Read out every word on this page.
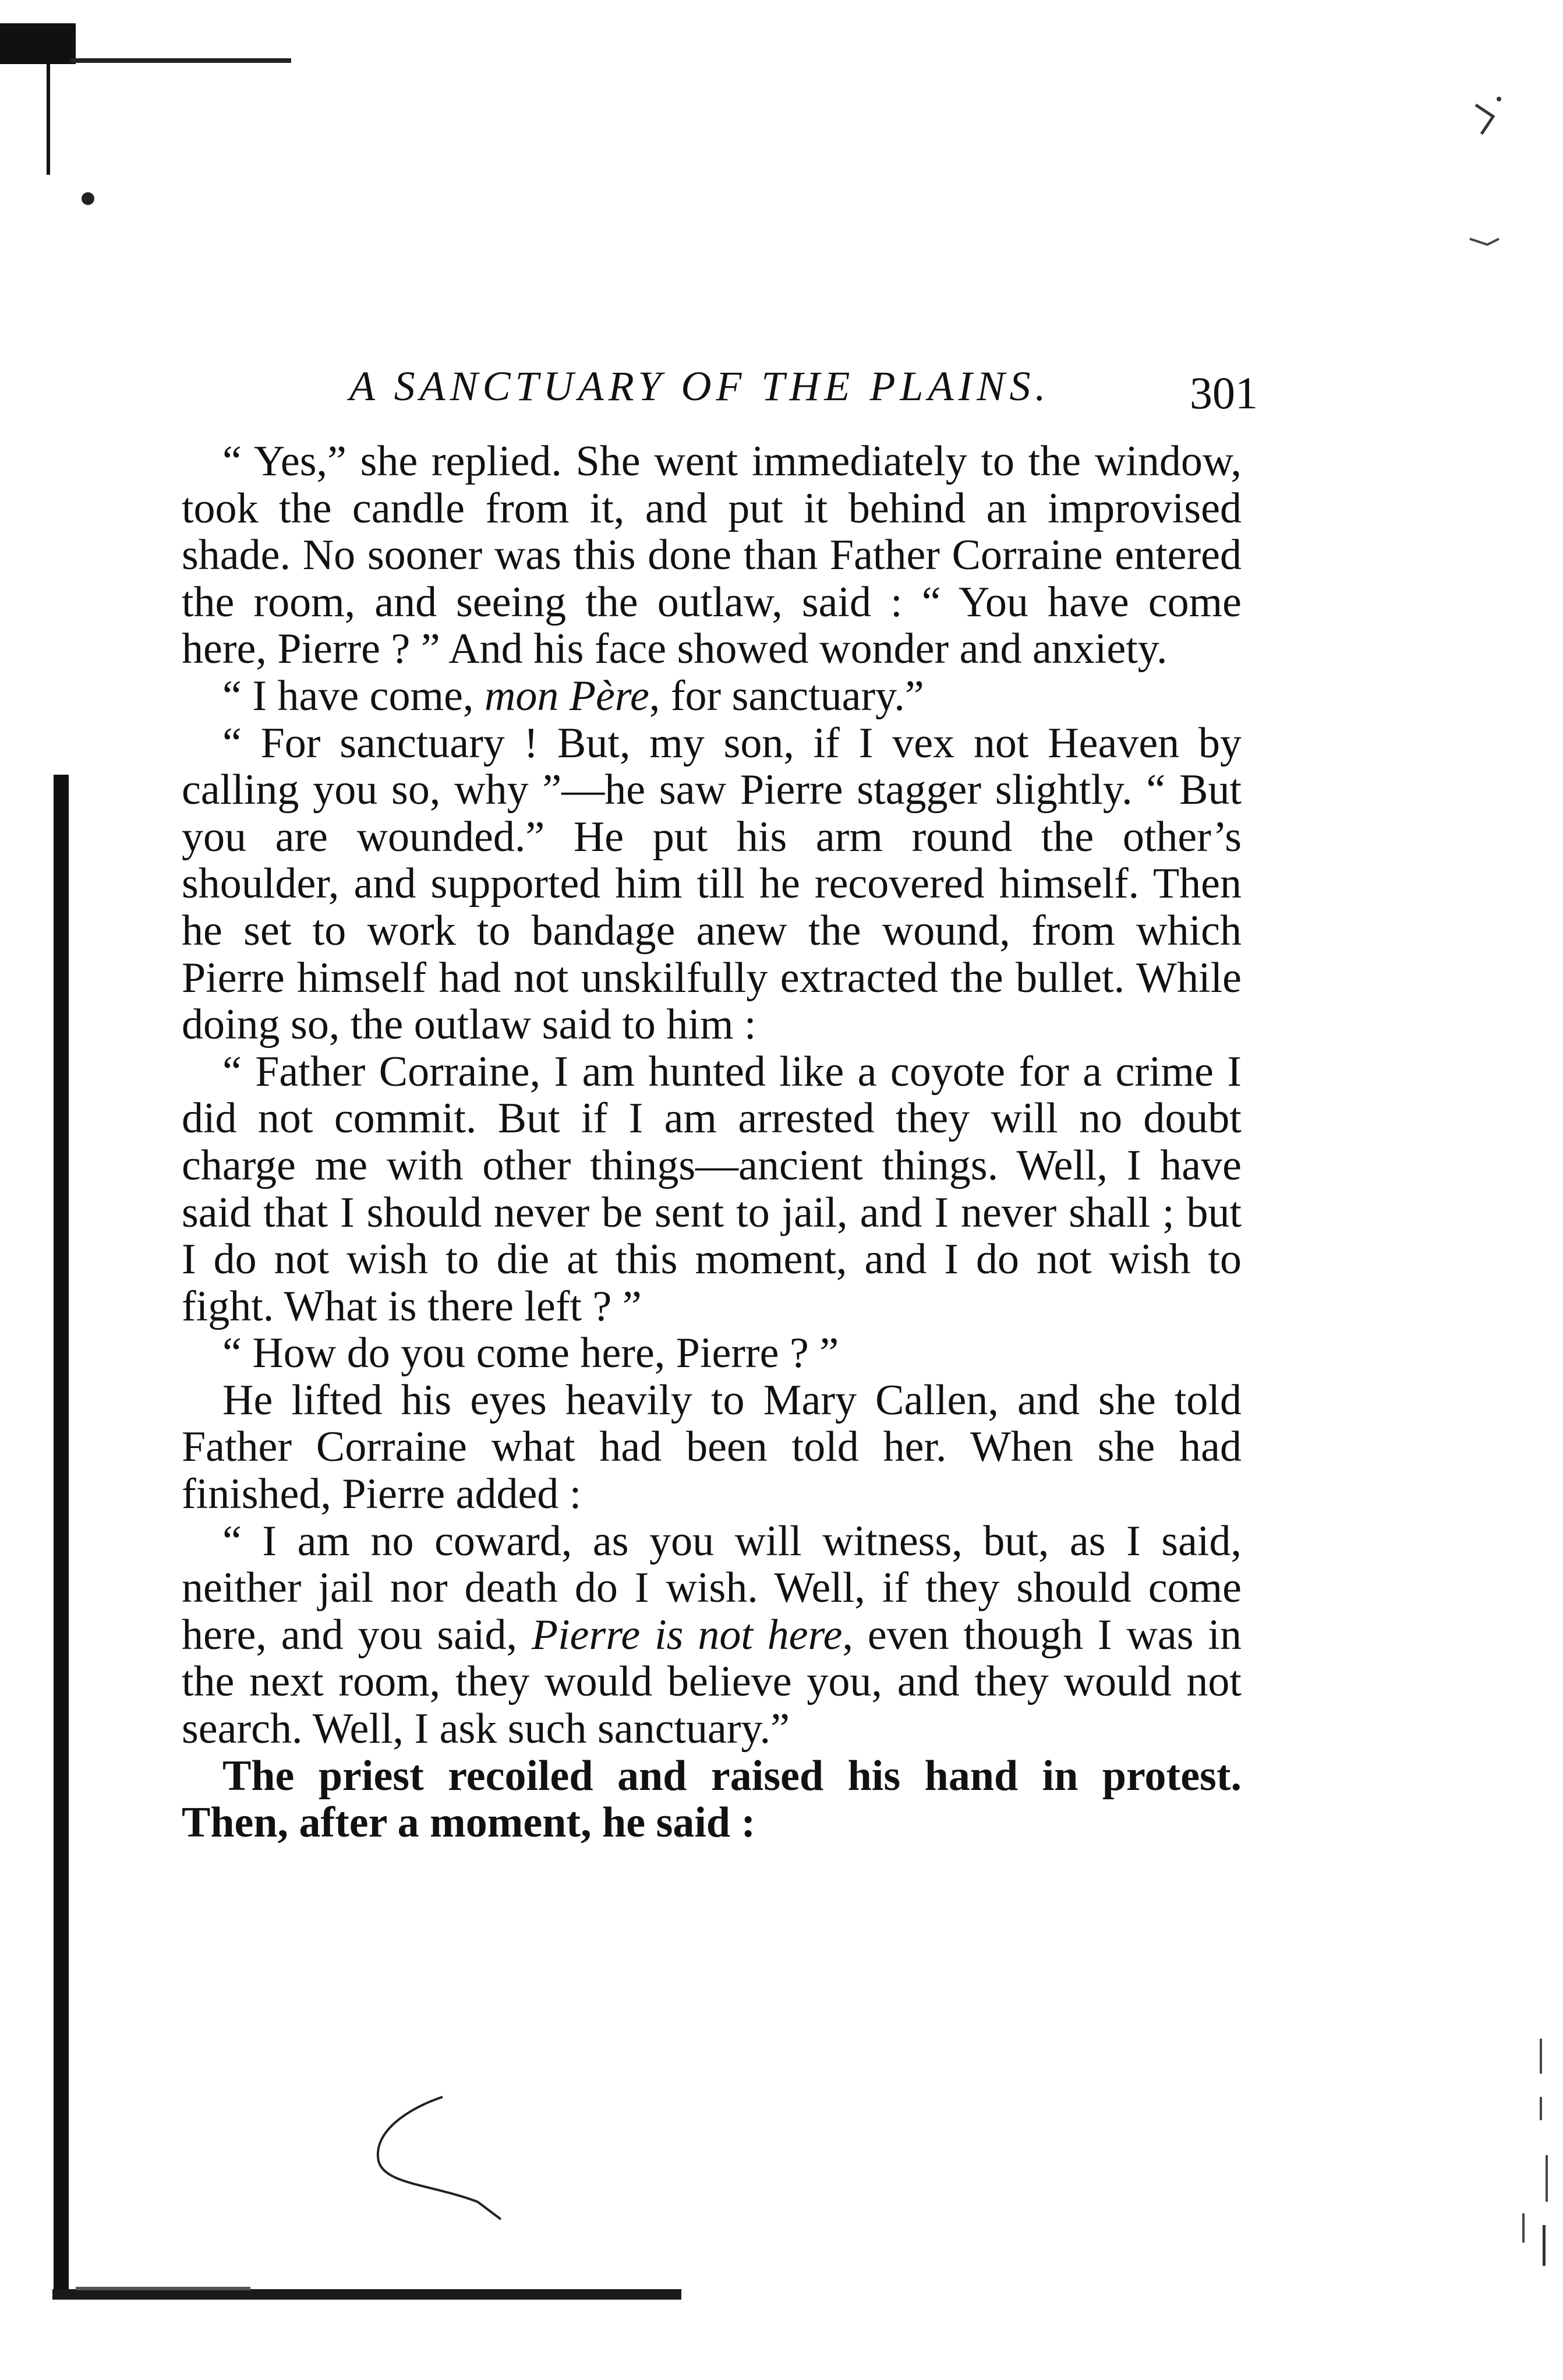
A SANCTUARY OF THE PLAINS.	301

“ Yes,” she replied. She went immediately to the window, took the candle from it, and put it behind an improvised shade. No sooner was this done than Father Corraine entered the room, and seeing the outlaw, said : “ You have come here, Pierre ? ” And his face showed wonder and anxiety.

“ I have come, mon Père, for sanctuary.”

“ For sanctuary ! But, my son, if I vex not Heaven by calling you so, why ”—he saw Pierre stagger slightly. “ But you are wounded.” He put his arm round the other’s shoulder, and supported him till he recovered himself. Then he set to work to bandage anew the wound, from which Pierre himself had not unskilfully extracted the bullet. While doing so, the outlaw said to him :

“ Father Corraine, I am hunted like a coyote for a crime I did not commit. But if I am arrested they will no doubt charge me with other things—ancient things. Well, I have said that I should never be sent to jail, and I never shall ; but I do not wish to die at this moment, and I do not wish to fight. What is there left ? ”

“ How do you come here, Pierre ? ”

He lifted his eyes heavily to Mary Callen, and she told Father Corraine what had been told her. When she had finished, Pierre added :

“ I am no coward, as you will witness, but, as I said, neither jail nor death do I wish. Well, if they should come here, and you said, Pierre is not here, even though I was in the next room, they would believe you, and they would not search. Well, I ask such sanctuary.”

The priest recoiled and raised his hand in protest. Then, after a moment, he said :
